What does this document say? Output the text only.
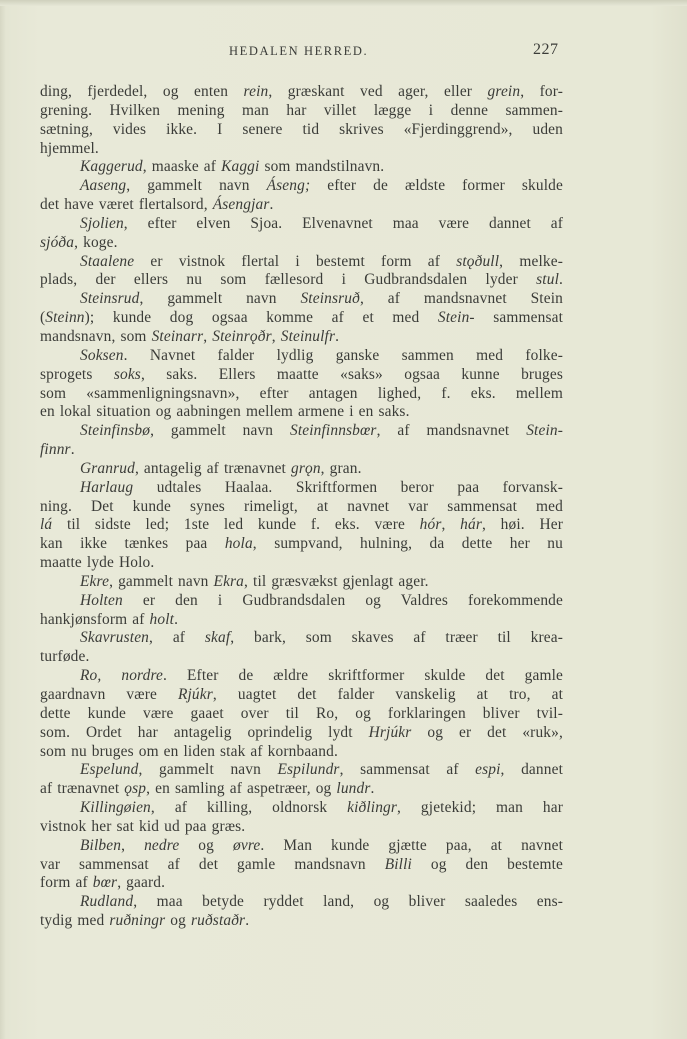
HEDALEN HERRED.	227
ding, fjerdedel, og enten rein, græskant ved ager, eller grein, for-
grening. Hvilken mening man har villet lægge i denne sammen-
sætning, vides ikke. I senere tid skrives «Fjerdinggrend», uden
hjemmel.
Kaggerud, maaske af Kaggi som mandstilnavn.
Aaseng, gammelt navn Áseng; efter de ældste former skulde
det have været flertalsord, Ásengjar.
Sjolien, efter elven Sjoa. Elvenavnet maa være dannet af
sjóða, koge.
Staalene er vistnok flertal i bestemt form af stǫðull, melke-
plads, der ellers nu som fællesord i Gudbrandsdalen lyder stul.
Steinsrud, gammelt navn Steinsruð, af mandsnavnet Stein
(Steinn); kunde dog ogsaa komme af et med Stein- sammensat
mandsnavn, som Steinarr, Steinrǫðr, Steinulfr.
Soksen. Navnet falder lydlig ganske sammen med folke-
sprogets soks, saks. Ellers maatte «saks» ogsaa kunne bruges
som «sammenligningsnavn», efter antagen lighed, f. eks. mellem
en lokal situation og aabningen mellem armene i en saks.
Steinfinsbø, gammelt navn Steinfinnsbœr, af mandsnavnet Stein-
finnr.
Granrud, antagelig af trænavnet grǫn, gran.
Harlaug udtales Haalaa. Skriftformen beror paa forvansk-
ning. Det kunde synes rimeligt, at navnet var sammensat med
lá til sidste led; 1ste led kunde f. eks. være hór, hár, høi. Her
kan ikke tænkes paa hola, sumpvand, hulning, da dette her nu
maatte lyde Holo.
Ekre, gammelt navn Ekra, til græsvækst gjenlagt ager.
Holten er den i Gudbrandsdalen og Valdres forekommende
hankjønsform af holt.
Skavrusten, af skaf, bark, som skaves af træer til krea-
turføde.
Ro, nordre. Efter de ældre skriftformer skulde det gamle
gaardnavn være Rjúkr, uagtet det falder vanskelig at tro, at
dette kunde være gaaet over til Ro, og forklaringen bliver tvil-
som. Ordet har antagelig oprindelig lydt Hrjúkr og er det «ruk»,
som nu bruges om en liden stak af kornbaand.
Espelund, gammelt navn Espilundr, sammensat af espi, dannet
af trænavnet ǫsp, en samling af aspetræer, og lundr.
Killingøien, af killing, oldnorsk kiðlingr, gjetekid; man har
vistnok her sat kid ud paa græs.
Bilben, nedre og øvre. Man kunde gjætte paa, at navnet
var sammensat af det gamle mandsnavn Billi og den bestemte
form af bœr, gaard.
Rudland, maa betyde ryddet land, og bliver saaledes ens-
tydig med ruðningr og ruðstaðr.
